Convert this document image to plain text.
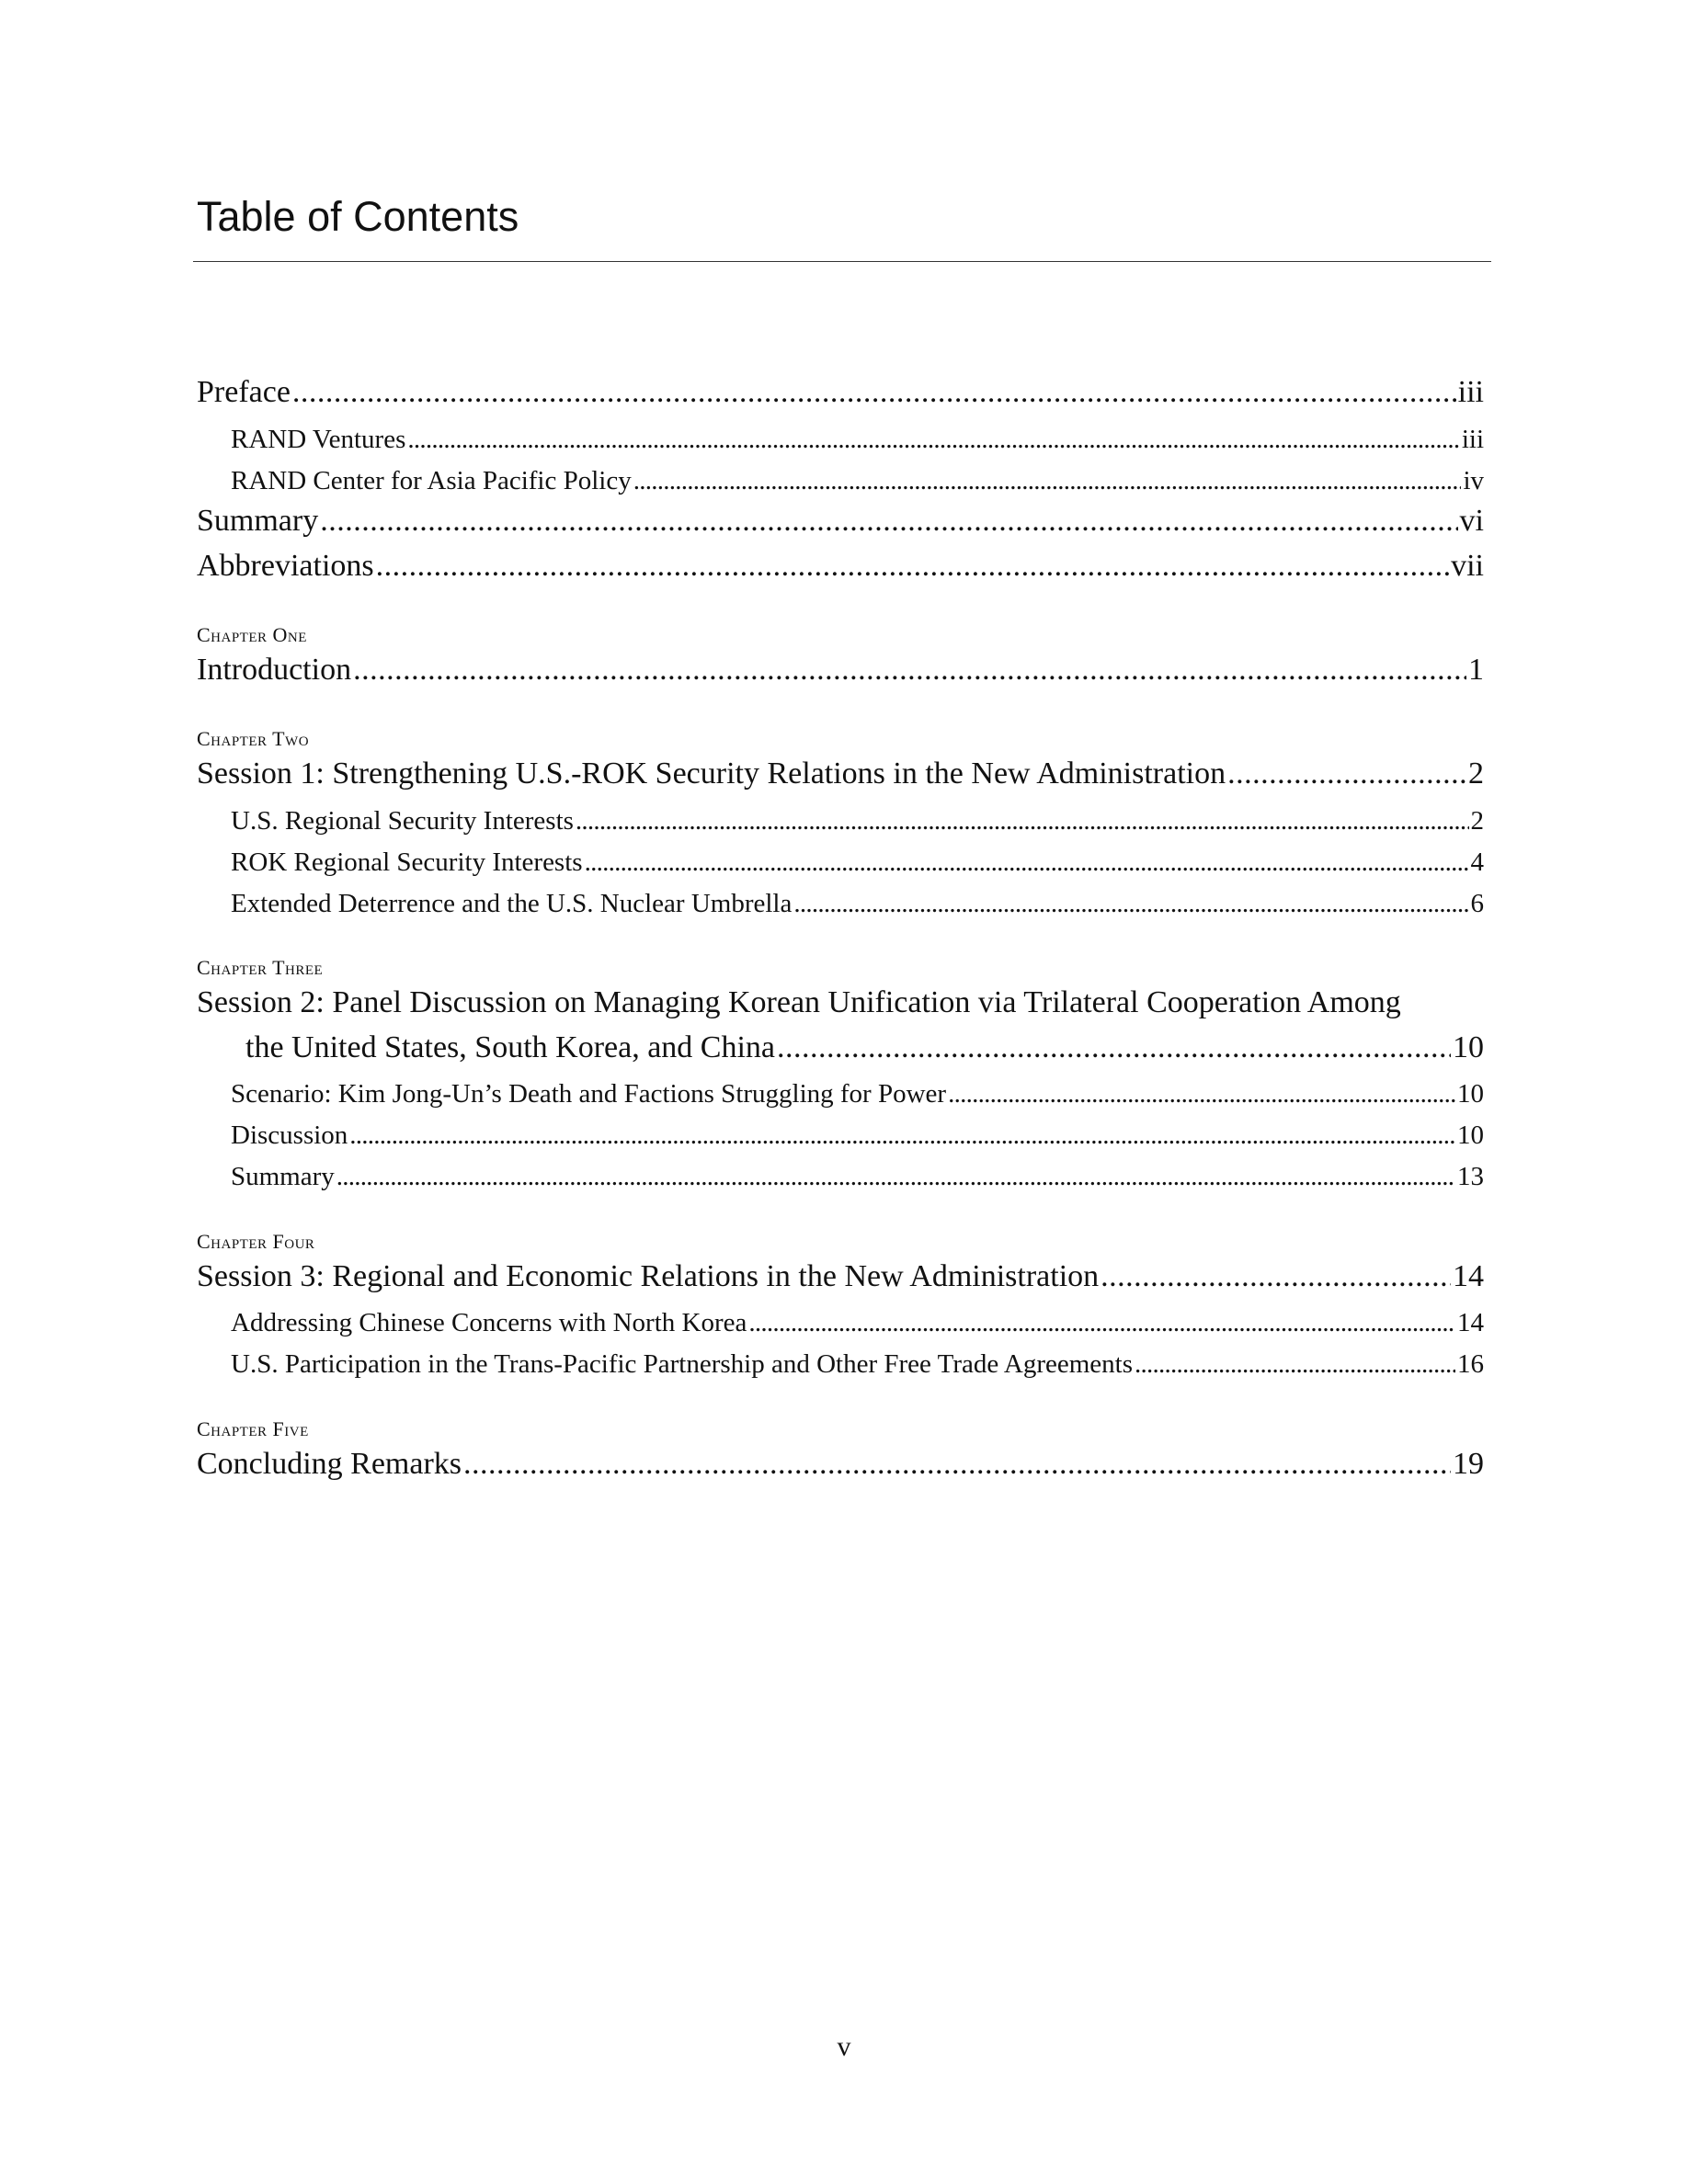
Table of Contents
Preface . . .	iii
RAND Ventures . . .	iii
RAND Center for Asia Pacific Policy . . .	iv
Summary . . .	vi
Abbreviations . . .	vii
Chapter One
Introduction . . .	1
Chapter Two
Session 1: Strengthening U.S.-ROK Security Relations in the New Administration . . .	2
U.S. Regional Security Interests . . .	2
ROK Regional Security Interests . . .	4
Extended Deterrence and the U.S. Nuclear Umbrella . . .	6
Chapter Three
Session 2: Panel Discussion on Managing Korean Unification via Trilateral Cooperation Among
the United States, South Korea, and China . . .	10
Scenario: Kim Jong-Un’s Death and Factions Struggling for Power . . .	10
Discussion . . .	10
Summary . . .	13
Chapter Four
Session 3: Regional and Economic Relations in the New Administration . . .	14
Addressing Chinese Concerns with North Korea . . .	14
U.S. Participation in the Trans-Pacific Partnership and Other Free Trade Agreements . . .	16
Chapter Five
Concluding Remarks . . .	19
v
